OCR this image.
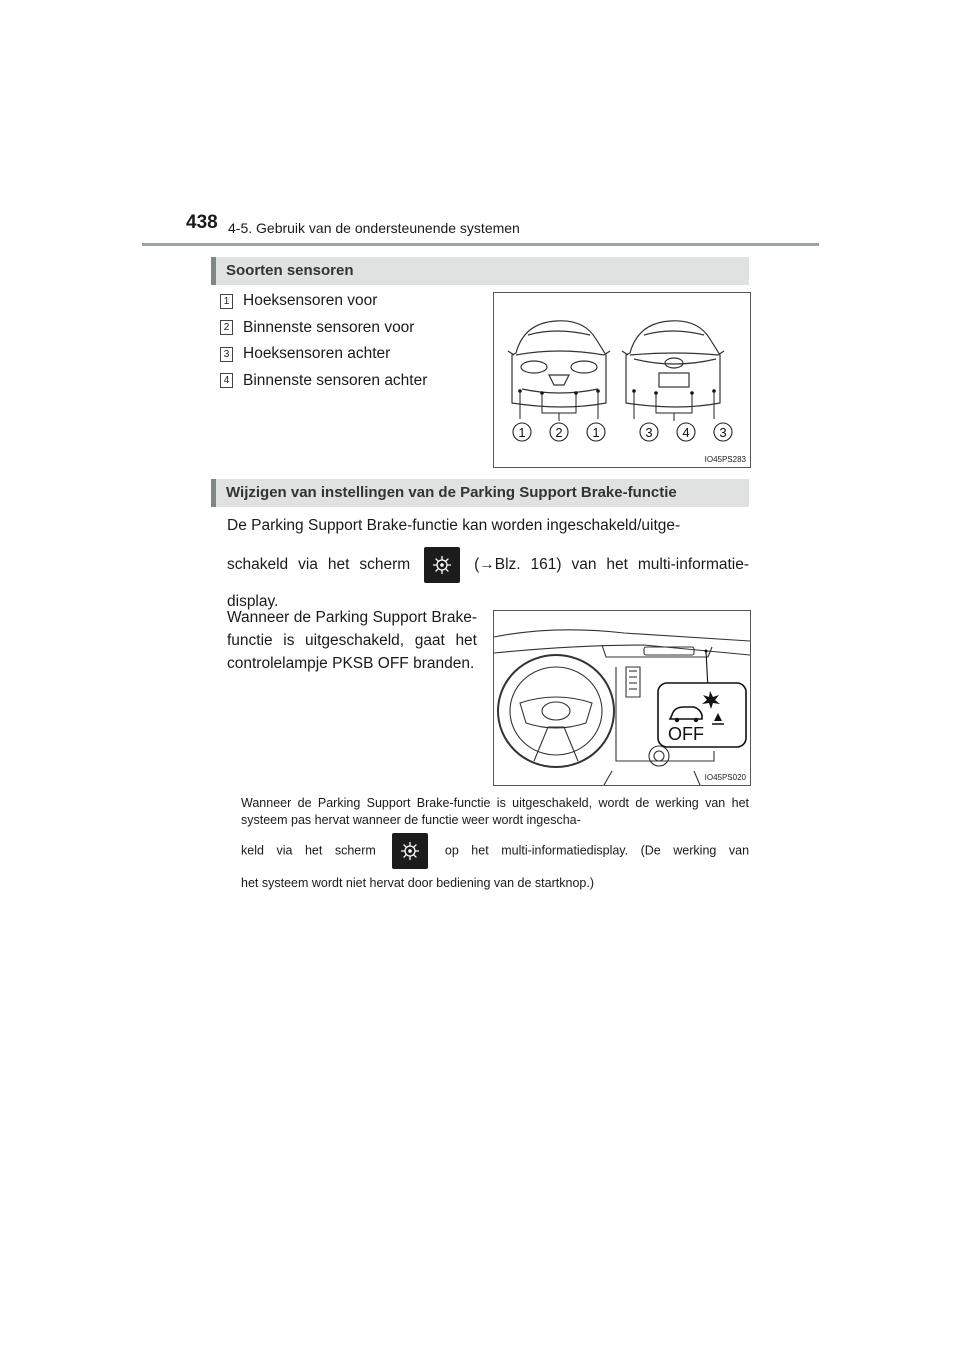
438 4-5. Gebruik van de ondersteunende systemen
Soorten sensoren
1 Hoeksensoren voor
2 Binnenste sensoren voor
3 Hoeksensoren achter
4 Binnenste sensoren achter
1 2 1	3 4 3
IO45PS283
Wijzigen van instellingen van de Parking Support Brake-functie
De Parking Support Brake-functie kan worden ingeschakeld/uitge-
schakeld via het scherm	(→Blz. 161) van het multi-informatie-
display.
Wanneer de Parking Support Brake-functie is uitgeschakeld, gaat het controlelampje PKSB OFF branden.
OFF
IO45PS020
Wanneer de Parking Support Brake-functie is uitgeschakeld, wordt de werking van het systeem pas hervat wanneer de functie weer wordt ingescha-
keld via het scherm	op het multi-informatiedisplay. (De werking van
het systeem wordt niet hervat door bediening van de startknop.)
